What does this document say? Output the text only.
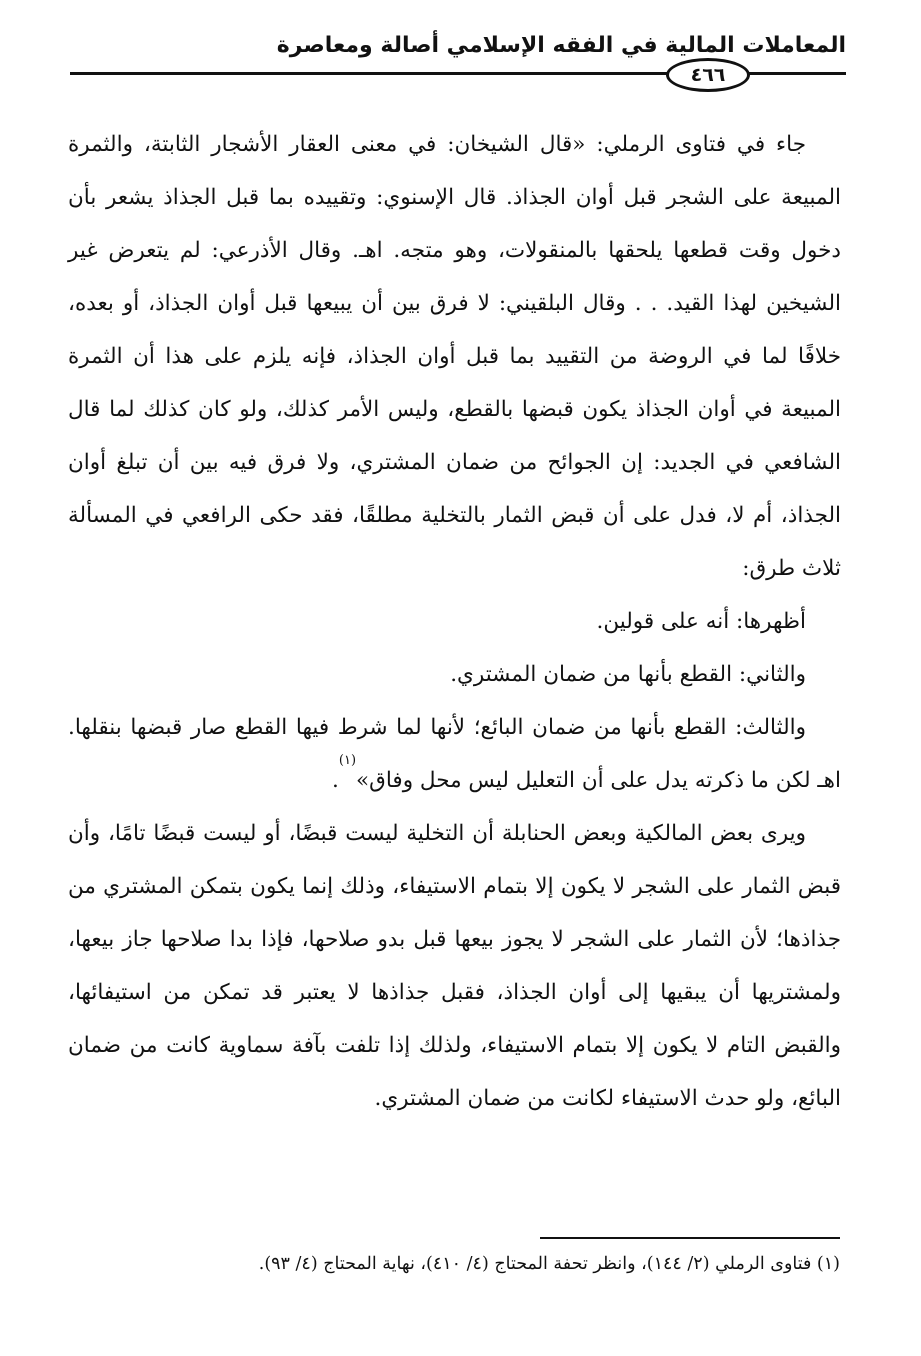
المعاملات المالية في الفقه الإسلامي أصالة ومعاصرة
٤٦٦

جاء في فتاوى الرملي: «قال الشيخان: في معنى العقار الأشجار الثابتة، والثمرة المبيعة على الشجر قبل أوان الجذاذ. قال الإسنوي: وتقييده بما قبل الجذاذ يشعر بأن دخول وقت قطعها يلحقها بالمنقولات، وهو متجه. اهـ. وقال الأذرعي: لم يتعرض غير الشيخين لهذا القيد. . . وقال البلقيني: لا فرق بين أن يبيعها قبل أوان الجذاذ، أو بعده، خلافًا لما في الروضة من التقييد بما قبل أوان الجذاذ، فإنه يلزم على هذا أن الثمرة المبيعة في أوان الجذاذ يكون قبضها بالقطع، وليس الأمر كذلك، ولو كان كذلك لما قال الشافعي في الجديد: إن الجوائح من ضمان المشتري، ولا فرق فيه بين أن تبلغ أوان الجذاذ، أم لا، فدل على أن قبض الثمار بالتخلية مطلقًا، فقد حكى الرافعي في المسألة ثلاث طرق:

أظهرها: أنه على قولين.

والثاني: القطع بأنها من ضمان المشتري.

والثالث: القطع بأنها من ضمان البائع؛ لأنها لما شرط فيها القطع صار قبضها بنقلها. اهـ لكن ما ذكرته يدل على أن التعليل ليس محل وفاق»$^{(١)}$.

ويرى بعض المالكية وبعض الحنابلة أن التخلية ليست قبضًا، أو ليست قبضًا تامًا، وأن قبض الثمار على الشجر لا يكون إلا بتمام الاستيفاء، وذلك إنما يكون بتمكن المشتري من جذاذها؛ لأن الثمار على الشجر لا يجوز بيعها قبل بدو صلاحها، فإذا بدا صلاحها جاز بيعها، ولمشتريها أن يبقيها إلى أوان الجذاذ، فقبل جذاذها لا يعتبر قد تمكن من استيفائها، والقبض التام لا يكون إلا بتمام الاستيفاء، ولذلك إذا تلفت بآفة سماوية كانت من ضمان البائع، ولو حدث الاستيفاء لكانت من ضمان المشتري.

(١) فتاوى الرملي (٢/ ١٤٤)، وانظر تحفة المحتاج (٤/ ٤١٠)، نهاية المحتاج (٤/ ٩٣).
